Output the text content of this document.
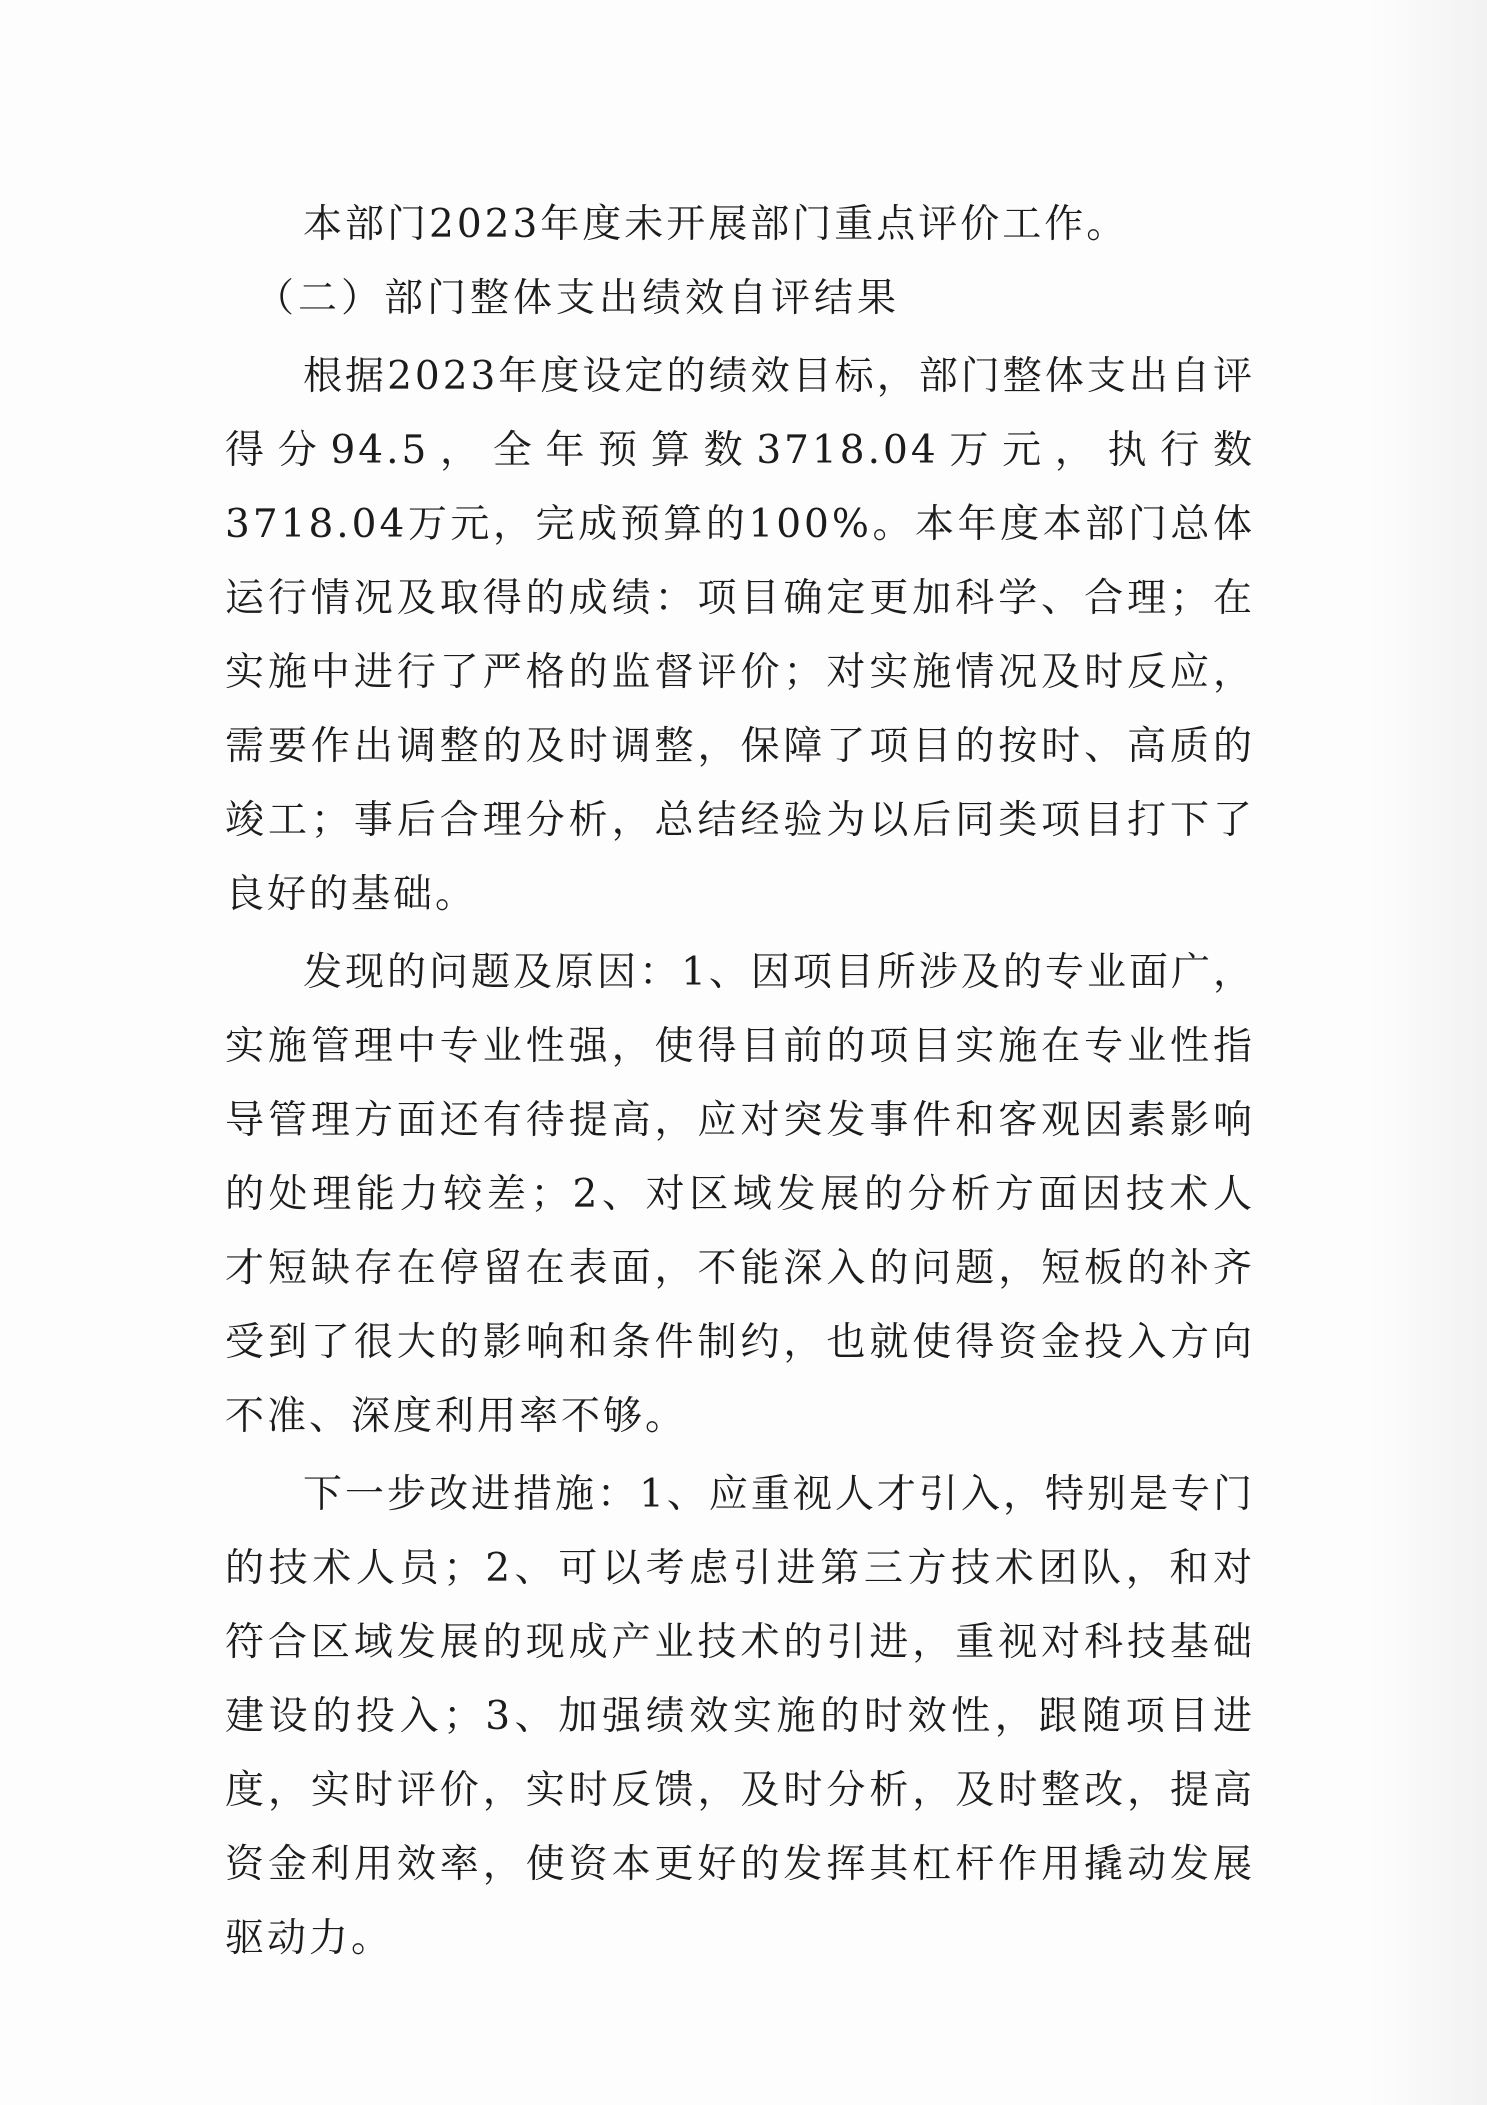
本部门2023年度未开展部门重点评价工作。

（二）部门整体支出绩效自评结果

根据2023年度设定的绩效目标，部门整体支出自评得分94.5，全年预算数3718.04万元，执行数3718.04万元，完成预算的100%。本年度本部门总体运行情况及取得的成绩：项目确定更加科学、合理；在实施中进行了严格的监督评价；对实施情况及时反应，需要作出调整的及时调整，保障了项目的按时、高质的竣工；事后合理分析，总结经验为以后同类项目打下了良好的基础。

发现的问题及原因：1、因项目所涉及的专业面广，实施管理中专业性强，使得目前的项目实施在专业性指导管理方面还有待提高，应对突发事件和客观因素影响的处理能力较差；2、对区域发展的分析方面因技术人才短缺存在停留在表面，不能深入的问题，短板的补齐受到了很大的影响和条件制约，也就使得资金投入方向不准、深度利用率不够。

下一步改进措施：1、应重视人才引入，特别是专门的技术人员；2、可以考虑引进第三方技术团队，和对符合区域发展的现成产业技术的引进，重视对科技基础建设的投入；3、加强绩效实施的时效性，跟随项目进度，实时评价，实时反馈，及时分析，及时整改，提高资金利用效率，使资本更好的发挥其杠杆作用撬动发展驱动力。
